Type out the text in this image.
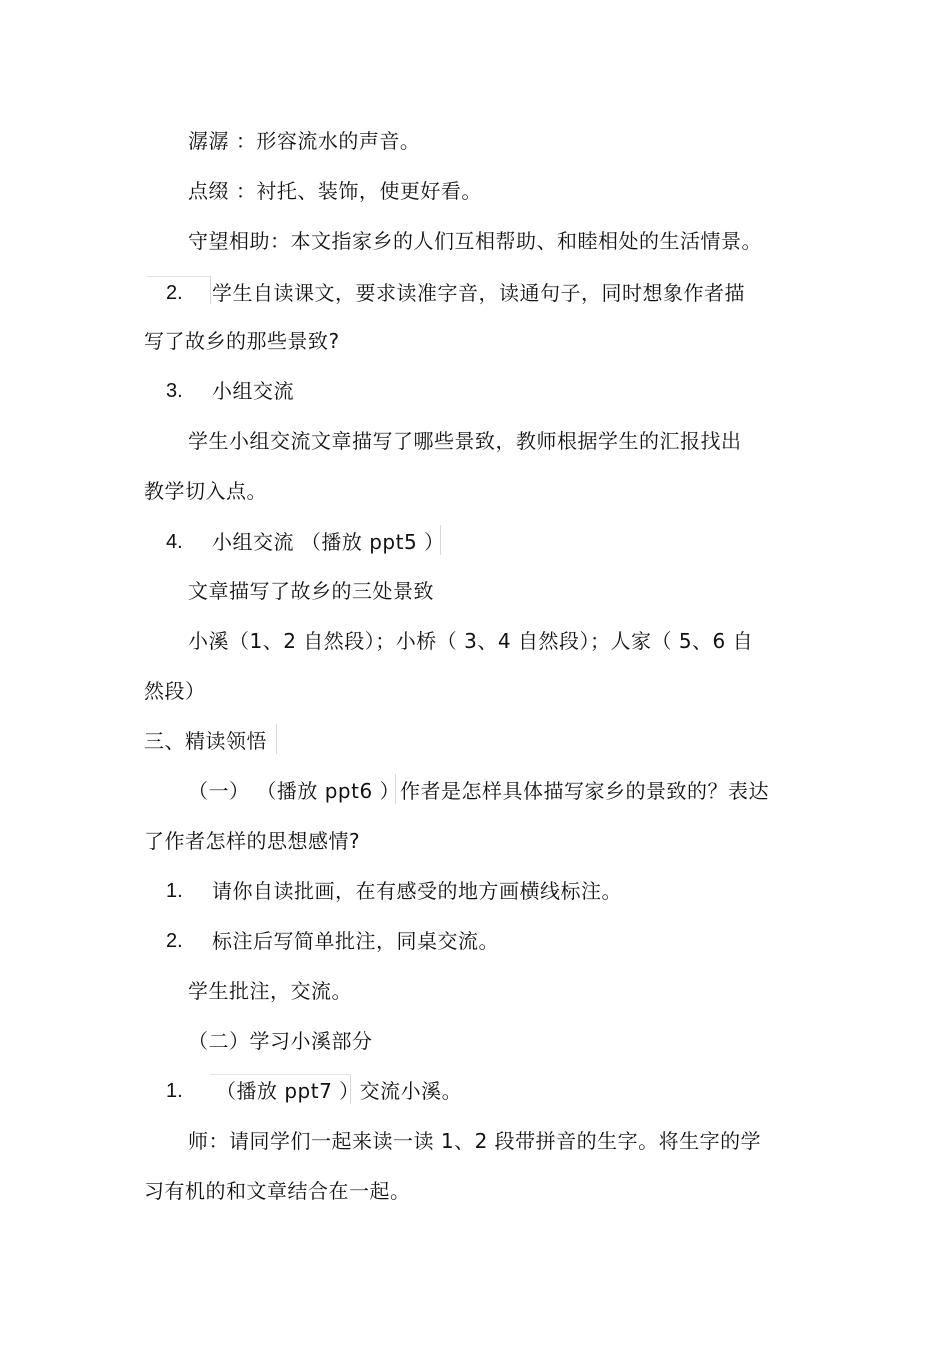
潺潺 ：形容流水的声音。
点缀 ：衬托、装饰，使更好看。
守望相助：本文指家乡的人们互相帮助、和睦相处的生活情景。
2. 学生自读课文，要求读准字音，读通句子，同时想象作者描
写了故乡的那些景致?
3. 小组交流
学生小组交流文章描写了哪些景致，教师根据学生的汇报找出
教学切入点。
4. 小组交流 （播放 ppt5 ）
文章描写了故乡的三处景致
小溪（1、2 自然段）；小桥（ 3、4 自然段）；人家（ 5、6 自
然段）
三、精读领悟
（一） （播放 ppt6 ）作者是怎样具体描写家乡的景致的？表达
了作者怎样的思想感情?
1. 请你自读批画，在有感受的地方画横线标注。
2. 标注后写简单批注，同桌交流。
学生批注，交流。
（二）学习小溪部分
1. （播放 ppt7 ）交流小溪。
师：请同学们一起来读一读 1、2 段带拼音的生字。将生字的学
习有机的和文章结合在一起。
